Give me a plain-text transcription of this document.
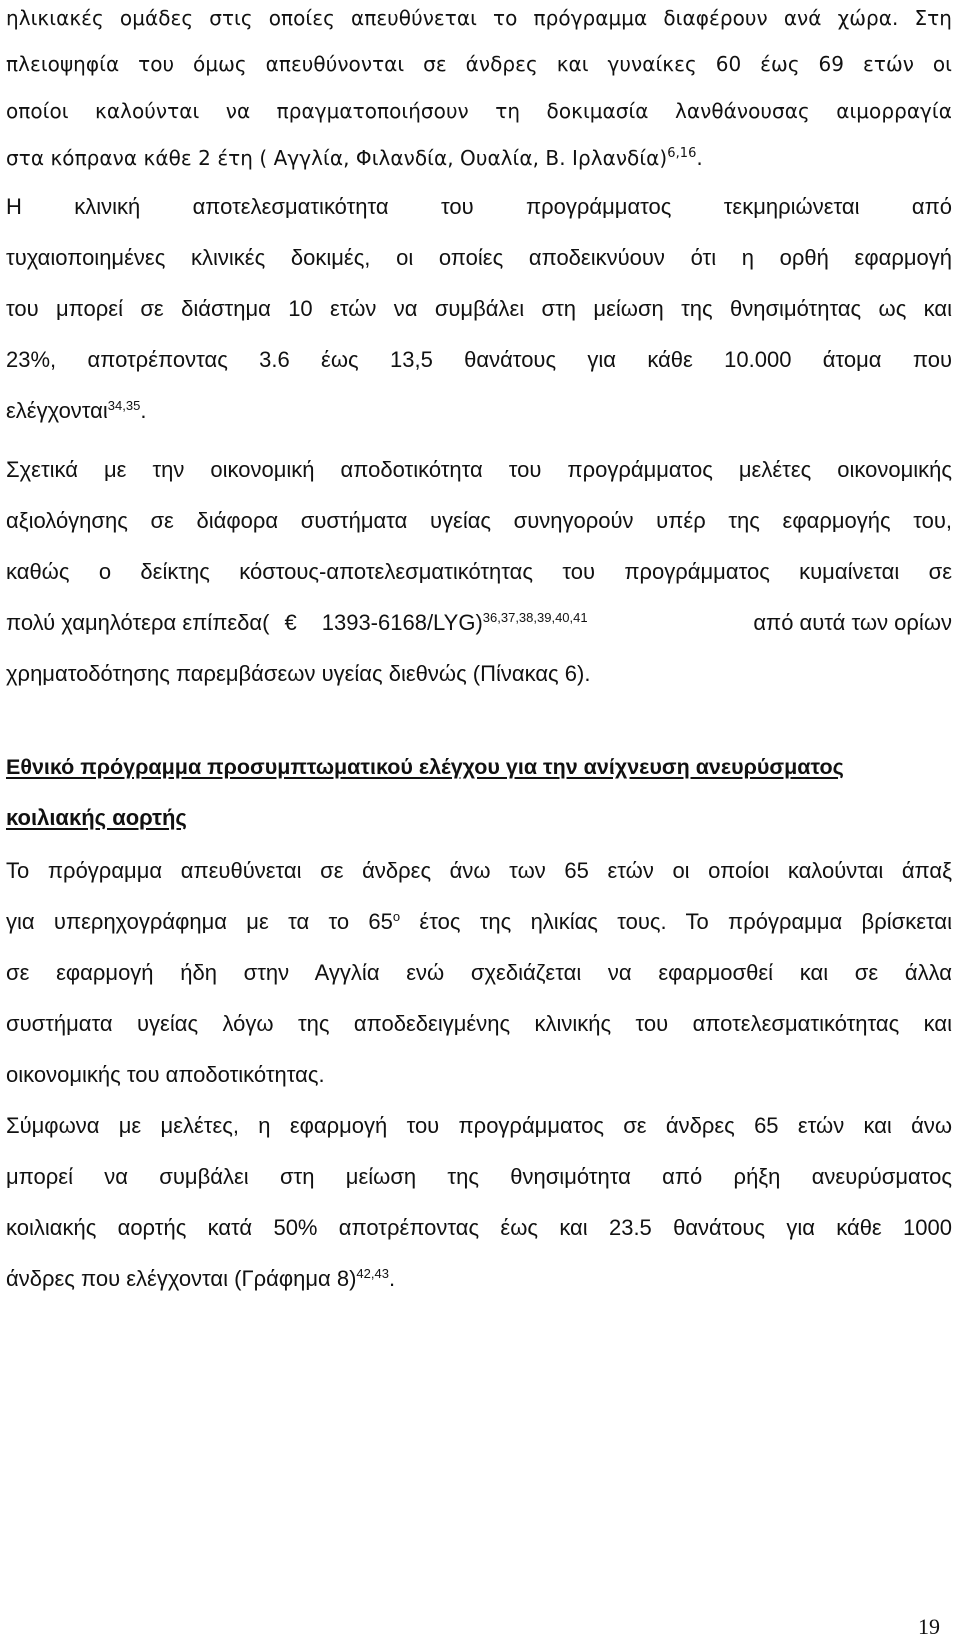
ηλικιακές ομάδες στις οποίες απευθύνεται το πρόγραμμα διαφέρουν ανά χώρα. Στη
πλειοψηφία του όμως απευθύνονται σε άνδρες και γυναίκες 60 έως 69 ετών οι
οποίοι καλούνται να πραγματοποιήσουν τη δοκιμασία λανθάνουσας αιμορραγία
στα κόπρανα κάθε 2 έτη ( Αγγλία, Φιλανδία, Ουαλία, Β. Ιρλανδία)$^{6,16}$.
Η κλινική αποτελεσματικότητα του προγράμματος τεκμηριώνεται από
τυχαιοποιημένες κλινικές δοκιμές, οι οποίες αποδεικνύουν ότι η ορθή εφαρμογή
του μπορεί σε διάστημα 10 ετών να συμβάλει στη μείωση της θνησιμότητας ως και
23%, αποτρέποντας 3.6 έως 13,5 θανάτους για κάθε 10.000 άτομα που
ελέγχονται$^{34,35}$.
Σχετικά με την οικονομική αποδοτικότητα του προγράμματος μελέτες οικονομικής
αξιολόγησης σε διάφορα συστήματα υγείας συνηγορούν υπέρ της εφαρμογής του,
καθώς ο δείκτης κόστους-αποτελεσματικότητας του προγράμματος κυμαίνεται σε
πολύ χαμηλότερα επίπεδα( € 1393-6168/LYG)$^{36,37,38,39,40,41}$	από αυτά των ορίων
χρηματοδότησης παρεμβάσεων υγείας διεθνώς (Πίνακας 6).
Εθνικό πρόγραμμα προσυμπτωματικού ελέγχου για την ανίχνευση ανευρύσματος
κοιλιακής αορτής
Το πρόγραμμα απευθύνεται σε άνδρες άνω των 65 ετών οι οποίοι καλούνται άπαξ
για υπερηχογράφημα με τα το $65^o$ έτος της ηλικίας τους. Το πρόγραμμα βρίσκεται
σε εφαρμογή ήδη στην Αγγλία ενώ σχεδιάζεται να εφαρμοσθεί και σε άλλα
συστήματα υγείας λόγω της αποδεδειγμένης κλινικής του αποτελεσματικότητας και
οικονομικής του αποδοτικότητας.
Σύμφωνα με μελέτες, η εφαρμογή του προγράμματος σε άνδρες 65 ετών και άνω
μπορεί να συμβάλει στη μείωση της θνησιμότητα από ρήξη ανευρύσματος
κοιλιακής αορτής κατά 50% αποτρέποντας έως και 23.5 θανάτους για κάθε 1000
άνδρες που ελέγχονται (Γράφημα 8)$^{42,43}$.
19
